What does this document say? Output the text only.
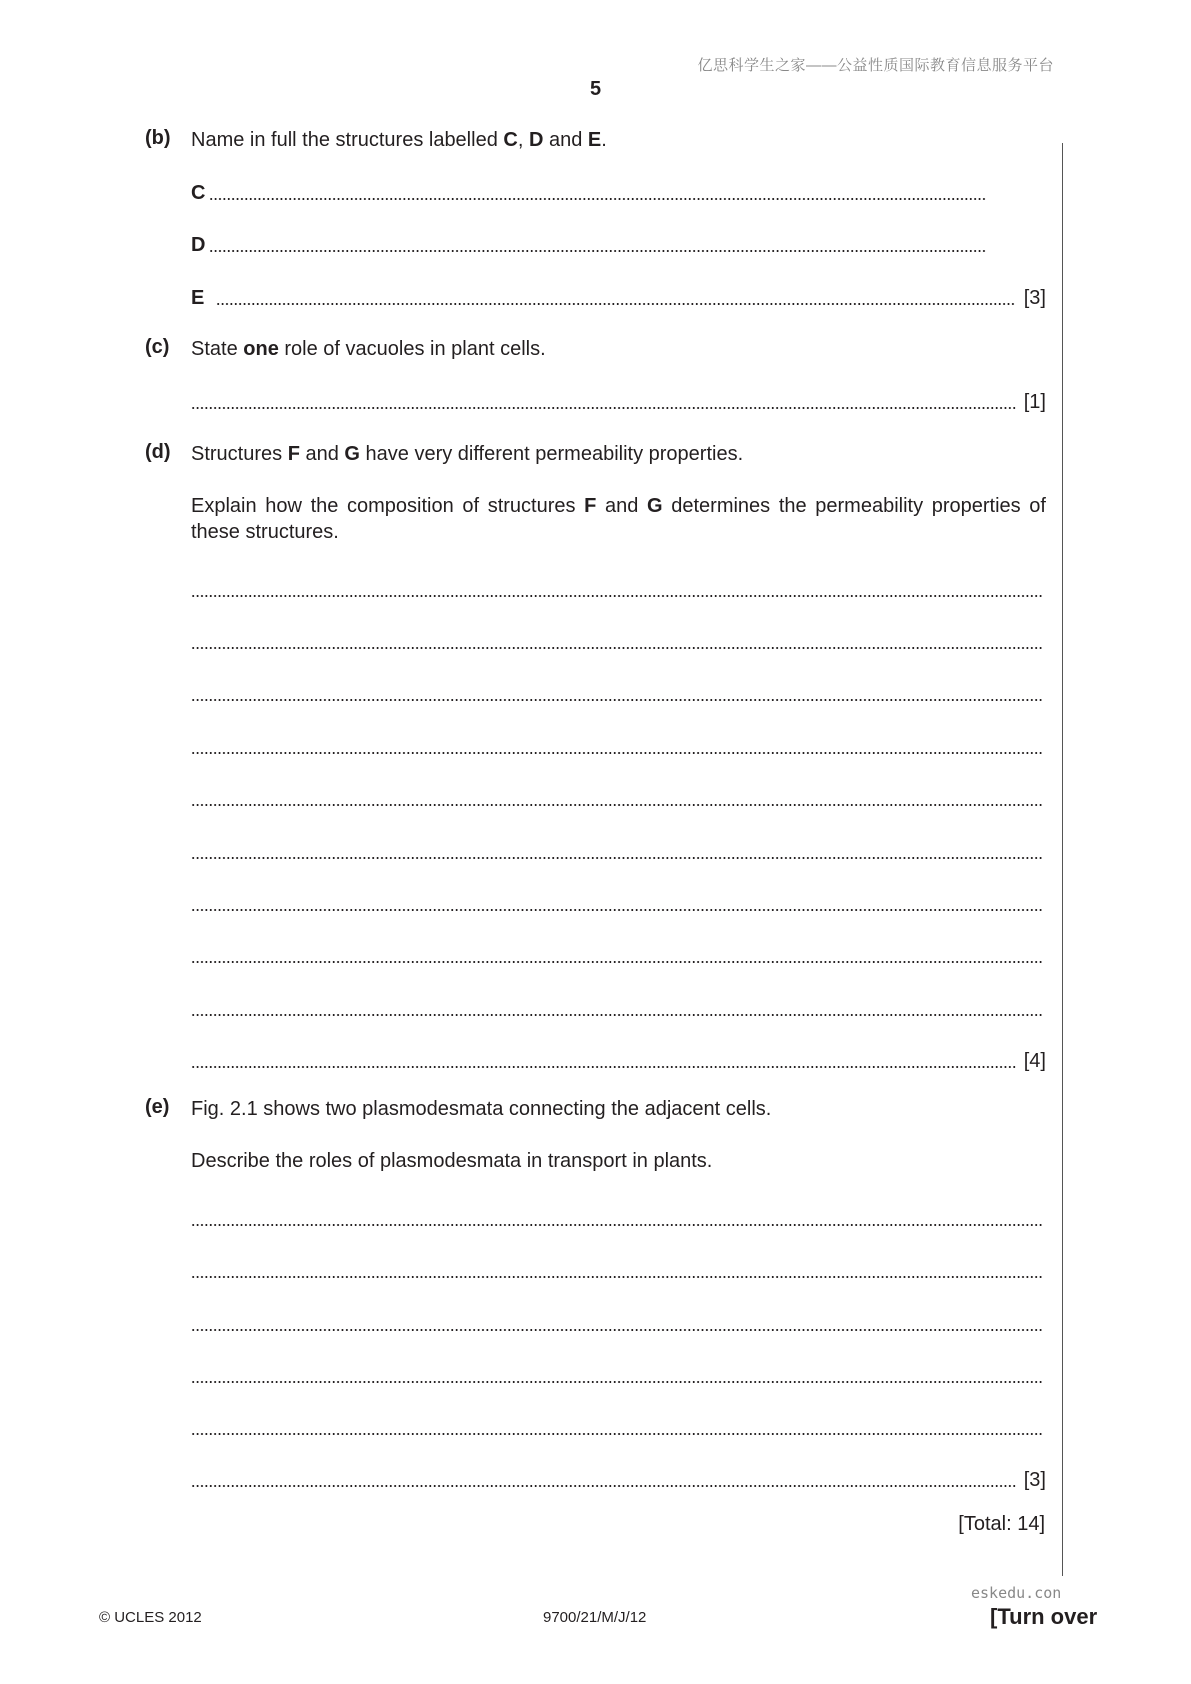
亿思科学生之家——公益性质国际教育信息服务平台
5
(b) Name in full the structures labelled C, D and E.
C
D
E	[3]
(c) State one role of vacuoles in plant cells.
[1]
(d) Structures F and G have very different permeability properties.
Explain how the composition of structures F and G determines the permeability properties of these structures.
[4]
(e) Fig. 2.1 shows two plasmodesmata connecting the adjacent cells.
Describe the roles of plasmodesmata in transport in plants.
[3]
[Total: 14]
© UCLES 2012	9700/21/M/J/12
eskedu.con
[Turn over
